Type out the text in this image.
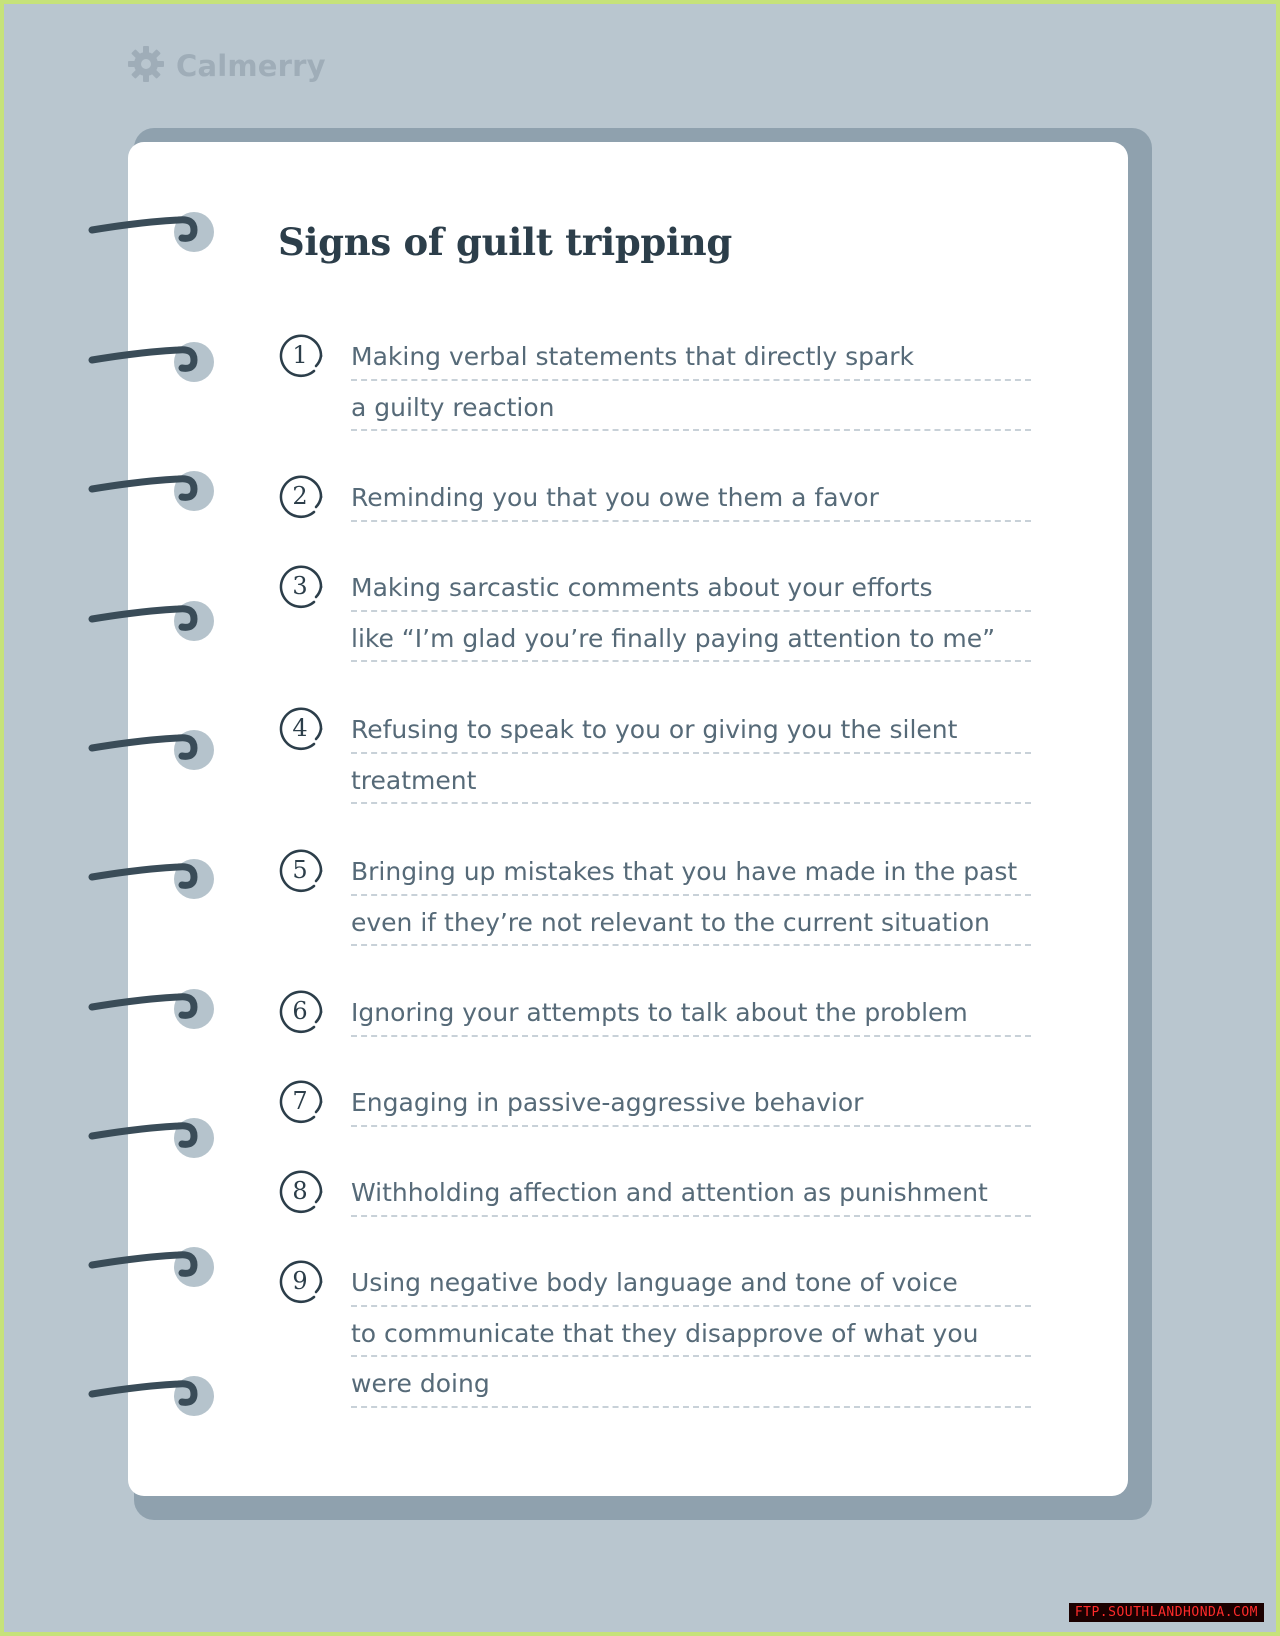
Calmerry
Signs of guilt tripping
1 Making verbal statements that directly spark
a guilty reaction
2 Reminding you that you owe them a favor
3 Making sarcastic comments about your efforts
like “I’m glad you’re finally paying attention to me”
4 Refusing to speak to you or giving you the silent
treatment
5 Bringing up mistakes that you have made in the past
even if they’re not relevant to the current situation
6 Ignoring your attempts to talk about the problem
7 Engaging in passive-aggressive behavior
8 Withholding affection and attention as punishment
9 Using negative body language and tone of voice
to communicate that they disapprove of what you
were doing
FTP.SOUTHLANDHONDA.COM
